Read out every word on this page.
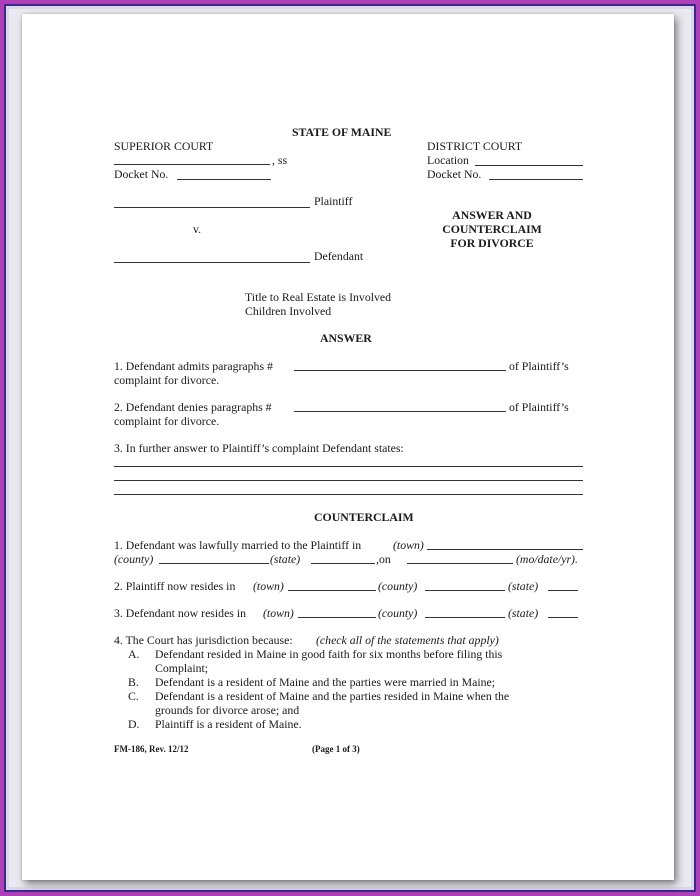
STATE OF MAINE
SUPERIOR COURT
, ss
Docket No.
DISTRICT COURT
Location
Docket No.
Plaintiff
v.
Defendant
ANSWER AND
COUNTERCLAIM
FOR DIVORCE
Title to Real Estate is Involved
Children Involved
ANSWER
1. Defendant admits paragraphs #	of Plaintiff’s
complaint for divorce.
2. Defendant denies paragraphs #	of Plaintiff’s
complaint for divorce.
3. In further answer to Plaintiff’s complaint Defendant states:
COUNTERCLAIM
1. Defendant was lawfully married to the Plaintiff in	(town)
(county)	(state)	,on	(mo/date/yr).
2. Plaintiff now resides in (town)	(county)	(state)
3. Defendant now resides in (town)	(county)	(state)
4. The Court has jurisdiction because: (check all of the statements that apply)
A. Defendant resided in Maine in good faith for six months before filing this
Complaint;
B. Defendant is a resident of Maine and the parties were married in Maine;
C. Defendant is a resident of Maine and the parties resided in Maine when the
grounds for divorce arose; and
D. Plaintiff is a resident of Maine.
FM-186, Rev. 12/12	(Page 1 of 3)
